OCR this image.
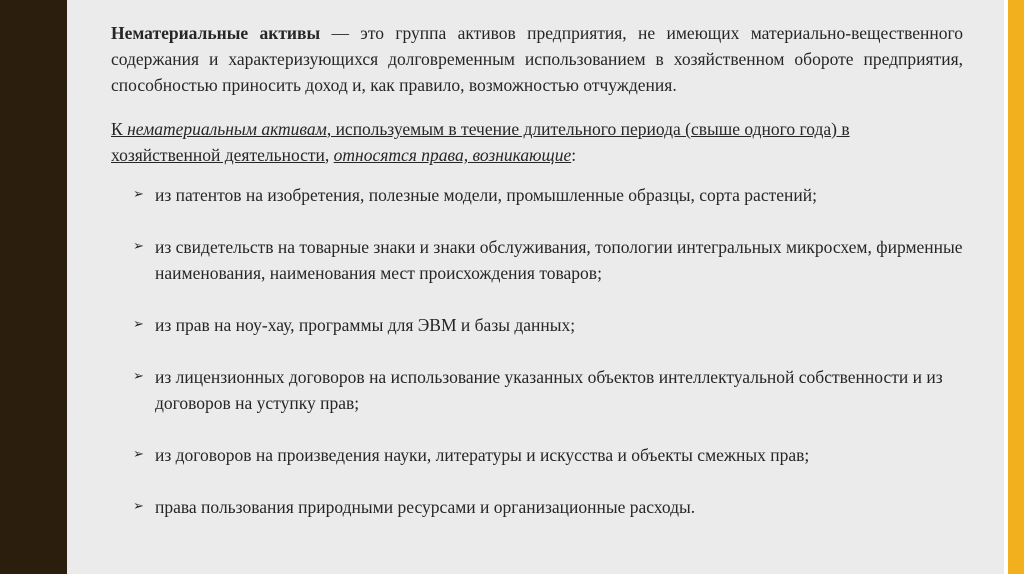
Нематериальные активы — это группа активов предприятия, не имеющих материально-вещественного содержания и характеризующихся долговременным использованием в хозяйственном обороте предприятия, способностью приносить доход и, как правило, возможностью отчуждения.

К нематериальным активам, используемым в течение длительного периода (свыше одного года) в хозяйственной деятельности, относятся права, возникающие:

➢ из патентов на изобретения, полезные модели, промышленные образцы, сорта растений;
➢ из свидетельств на товарные знаки и знаки обслуживания, топологии интегральных микросхем, фирменные наименования, наименования мест происхождения товаров;
➢ из прав на ноу-хау, программы для ЭВМ и базы данных;
➢ из лицензионных договоров на использование указанных объектов интеллектуальной собственности и из договоров на уступку прав;
➢ из договоров на произведения науки, литературы и искусства и объекты смежных прав;
➢ права пользования природными ресурсами и организационные расходы.
